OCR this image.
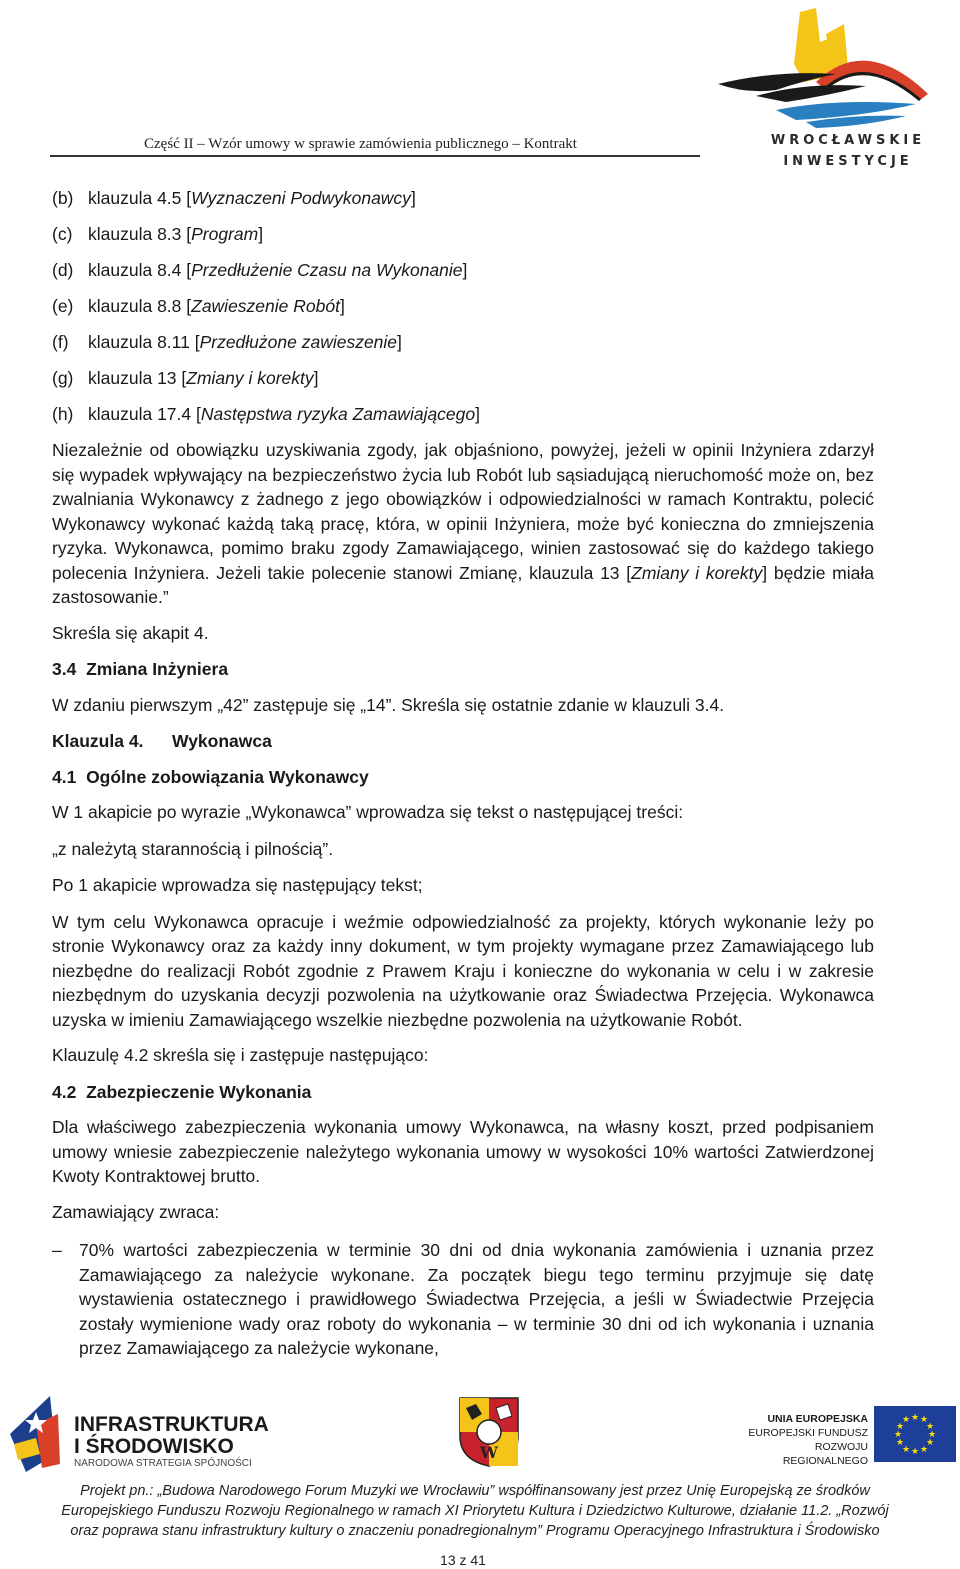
Część II – Wzór umowy w sprawie zamówienia publicznego – Kontrakt	WROCŁAWSKIE
INWESTYCJE
(b) klauzula 4.5 [Wyznaczeni Podwykonawcy]
(c) klauzula 8.3 [Program]
(d) klauzula 8.4 [Przedłużenie Czasu na Wykonanie]
(e) klauzula 8.8 [Zawieszenie Robót]
(f)	klauzula 8.11 [Przedłużone zawieszenie]
(g) klauzula 13 [Zmiany i korekty]
(h) klauzula 17.4 [Następstwa ryzyka Zamawiającego]

Niezależnie od obowiązku uzyskiwania zgody, jak objaśniono, powyżej, jeżeli w opinii Inżyniera zdarzył się wypadek wpływający na bezpieczeństwo życia lub Robót lub sąsiadującą nieruchomość może on, bez zwalniania Wykonawcy z żadnego z jego obowiązków i odpowiedzialności w ramach Kontraktu, polecić Wykonawcy wykonać każdą taką pracę, która, w opinii Inżyniera, może być konieczna do zmniejszenia ryzyka. Wykonawca, pomimo braku zgody Zamawiającego, winien zastosować się do każdego takiego polecenia Inżyniera. Jeżeli takie polecenie stanowi Zmianę, klauzula 13 [Zmiany i korekty] będzie miała zastosowanie.”

Skreśla się akapit 4.

3.4 Zmiana Inżyniera

W zdaniu pierwszym „42” zastępuje się „14”. Skreśla się ostatnie zdanie w klauzuli 3.4.

Klauzula 4.	Wykonawca
4.1 Ogólne zobowiązania Wykonawcy

W 1 akapicie po wyrazie „Wykonawca” wprowadza się tekst o następującej treści:

„z należytą starannością i pilnością”.

Po 1 akapicie wprowadza się następujący tekst;

W tym celu Wykonawca opracuje i weźmie odpowiedzialność za projekty, których wykonanie leży po stronie Wykonawcy oraz za każdy inny dokument, w tym projekty wymagane przez Zamawiającego lub niezbędne do realizacji Robót zgodnie z Prawem Kraju i konieczne do wykonania w celu i w zakresie niezbędnym do uzyskania decyzji pozwolenia na użytkowanie oraz Świadectwa Przejęcia. Wykonawca uzyska w imieniu Zamawiającego wszelkie niezbędne pozwolenia na użytkowanie Robót.

Klauzulę 4.2 skreśla się i zastępuje następująco:

4.2 Zabezpieczenie Wykonania

Dla właściwego zabezpieczenia wykonania umowy Wykonawca, na własny koszt, przed podpisaniem umowy wniesie zabezpieczenie należytego wykonania umowy w wysokości 10% wartości Zatwierdzonej Kwoty Kontraktowej brutto.

Zamawiający zwraca:

– 70% wartości zabezpieczenia w terminie 30 dni od dnia wykonania zamówienia i uznania przez Zamawiającego za należycie wykonane. Za początek biegu tego terminu przyjmuje się datę wystawienia ostatecznego i prawidłowego Świadectwa Przejęcia, a jeśli w Świadectwie Przejęcia zostały wymienione wady oraz roboty do wykonania – w terminie 30 dni od ich wykonania i uznania przez Zamawiającego za należycie wykonane,
INFRASTRUKTURA
I ŚRODOWISKO
NARODOWA STRATEGIA SPÓJNOŚCI
W
UNIA EUROPEJSKA
EUROPEJSKI FUNDUSZ
ROZWOJU REGIONALNEGO
★ ★
★
★
★
★
★
★
★
★
★
★
Projekt pn.: „Budowa Narodowego Forum Muzyki we Wrocławiu” współfinansowany jest przez Unię Europejską ze środków
Europejskiego Funduszu Rozwoju Regionalnego w ramach XI Priorytetu Kultura i Dziedzictwo Kulturowe, działanie 11.2. „Rozwój
oraz poprawa stanu infrastruktury kultury o znaczeniu ponadregionalnym” Programu Operacyjnego Infrastruktura i Środowisko
13 z 41
